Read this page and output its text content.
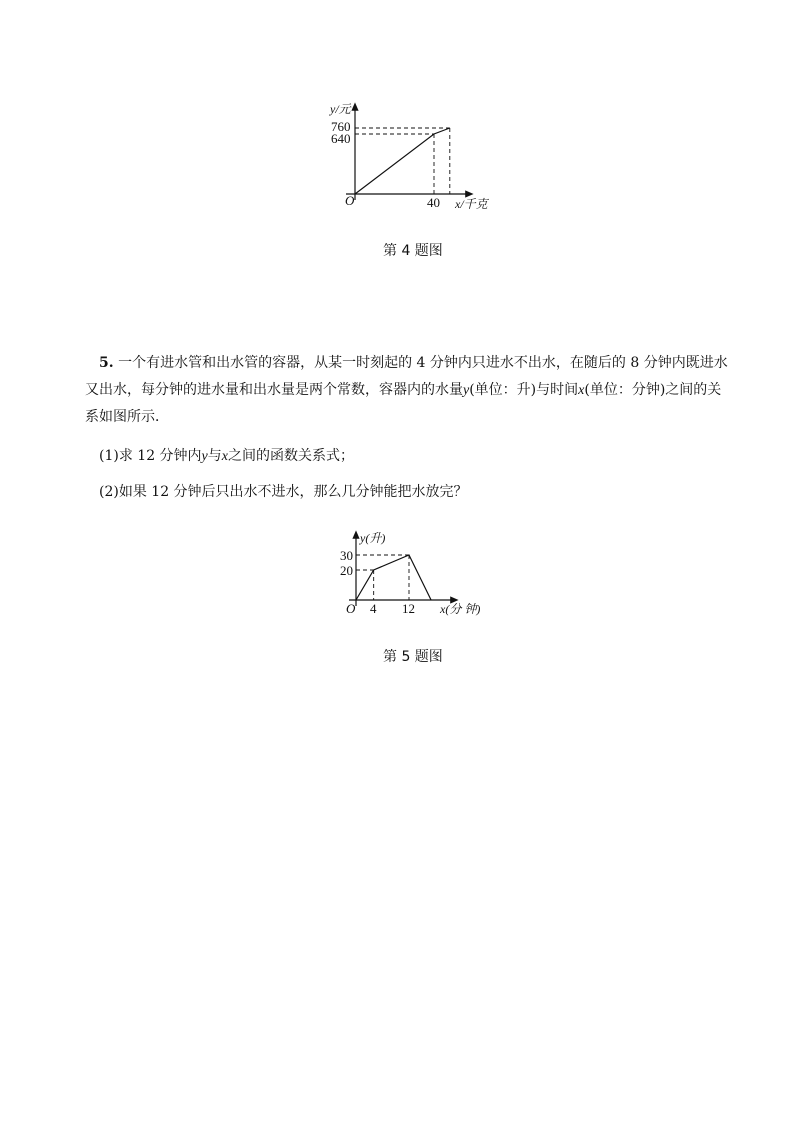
y/元
760
640
O	40 x/千克
第 4 题图
5. 一个有进水管和出水管的容器，从某一时刻起的 4 分钟内只进水不出水，在随后的 8 分钟内既进水
又出水，每分钟的进水量和出水量是两个常数，容器内的水量y(单位：升)与时间x(单位：分钟)之间的关
系如图所示．
(1)求 12 分钟内y与x之间的函数关系式；
(2)如果 12 分钟后只出水不进水，那么几分钟能把水放完？
y(升)
30
20
O 4 12 x(分 钟)
第 5 题图
